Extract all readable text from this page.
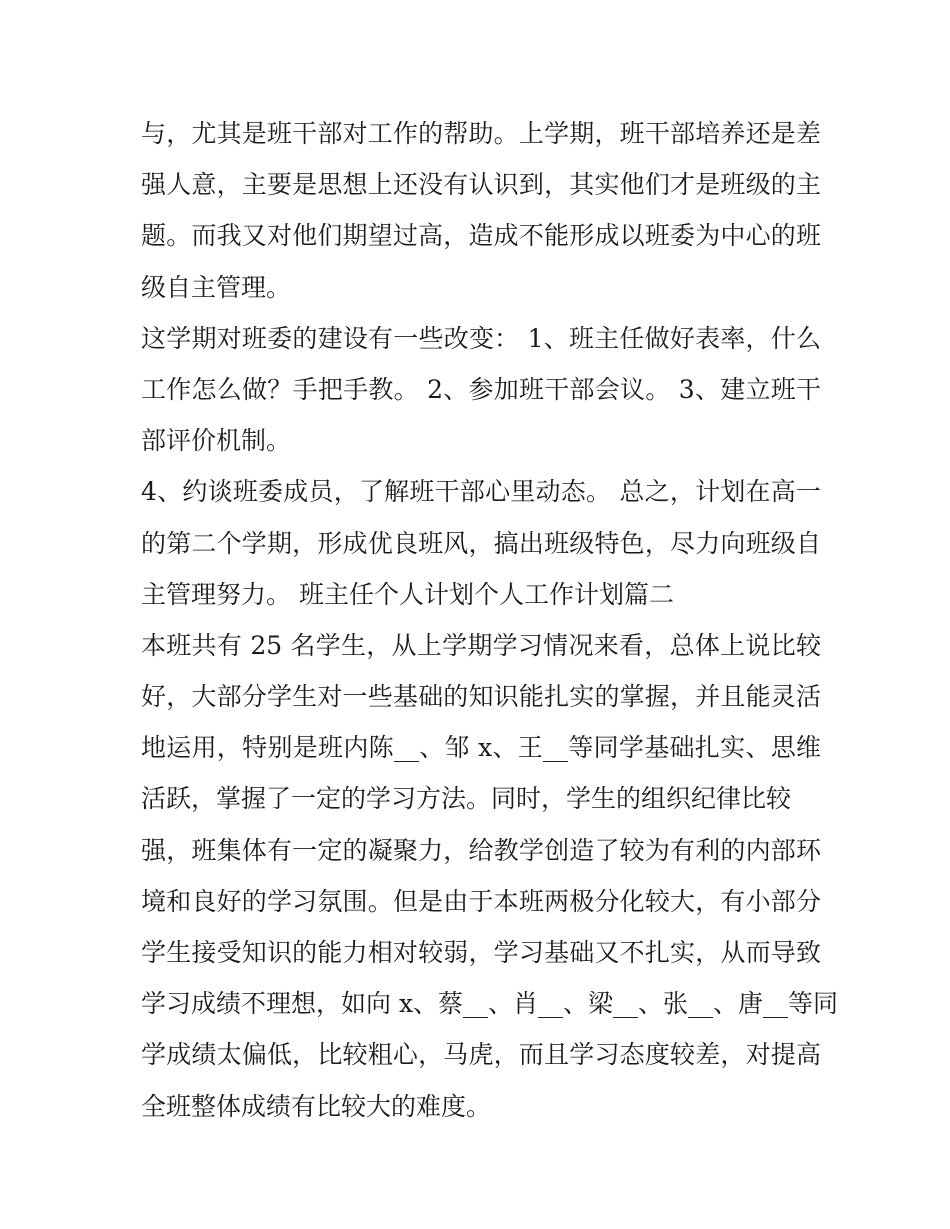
与，尤其是班干部对工作的帮助。上学期，班干部培养还是差
强人意，主要是思想上还没有认识到，其实他们才是班级的主
题。而我又对他们期望过高，造成不能形成以班委为中心的班
级自主管理。
这学期对班委的建设有一些改变： 1、班主任做好表率，什么
工作怎么做？手把手教。 2、参加班干部会议。 3、建立班干
部评价机制。
4、约谈班委成员，了解班干部心里动态。 总之，计划在高一
的第二个学期，形成优良班风，搞出班级特色，尽力向班级自
主管理努力。 班主任个人计划个人工作计划篇二
本班共有 25 名学生，从上学期学习情况来看，总体上说比较
好，大部分学生对一些基础的知识能扎实的掌握，并且能灵活
地运用，特别是班内陈__、邹 x、王__等同学基础扎实、思维
活跃，掌握了一定的学习方法。同时，学生的组织纪律比较
强，班集体有一定的凝聚力，给教学创造了较为有利的内部环
境和良好的学习氛围。但是由于本班两极分化较大，有小部分
学生接受知识的能力相对较弱，学习基础又不扎实，从而导致
学习成绩不理想，如向 x、蔡__、肖__、梁__、张__、唐__等同
学成绩太偏低，比较粗心，马虎，而且学习态度较差，对提高
全班整体成绩有比较大的难度。
